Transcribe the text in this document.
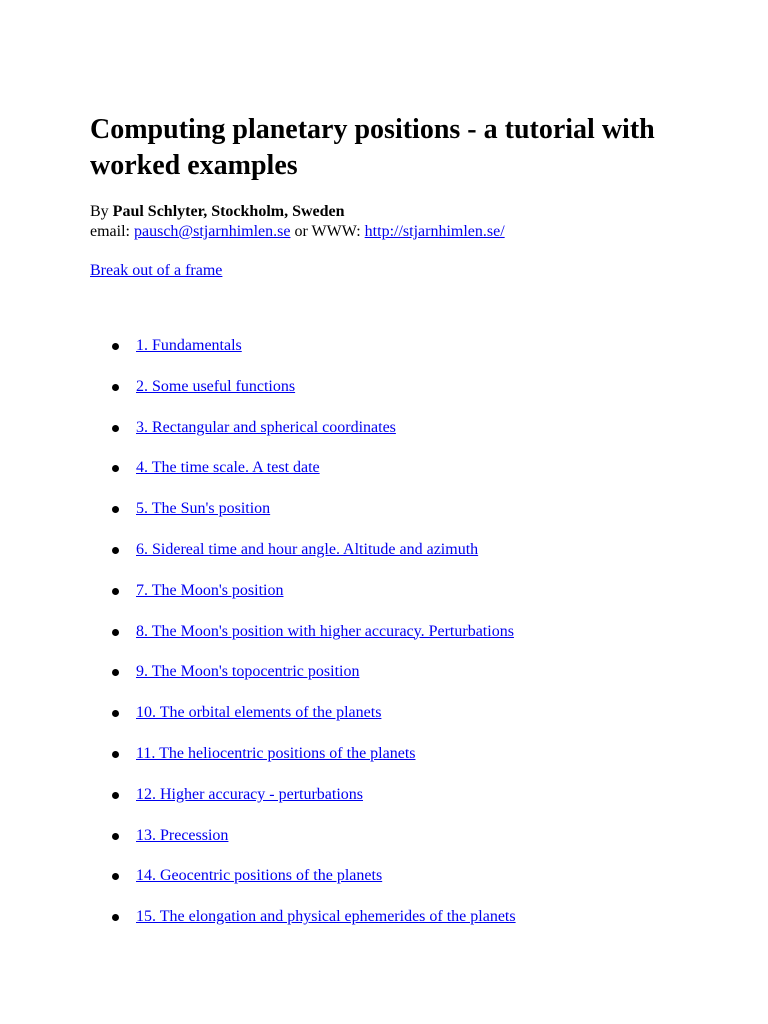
Computing planetary positions - a tutorial with worked examples
By Paul Schlyter, Stockholm, Sweden
email: pausch@stjarnhimlen.se or WWW: http://stjarnhimlen.se/
Break out of a frame
1. Fundamentals
2. Some useful functions
3. Rectangular and spherical coordinates
4. The time scale. A test date
5. The Sun's position
6. Sidereal time and hour angle. Altitude and azimuth
7. The Moon's position
8. The Moon's position with higher accuracy. Perturbations
9. The Moon's topocentric position
10. The orbital elements of the planets
11. The heliocentric positions of the planets
12. Higher accuracy - perturbations
13. Precession
14. Geocentric positions of the planets
15. The elongation and physical ephemerides of the planets
